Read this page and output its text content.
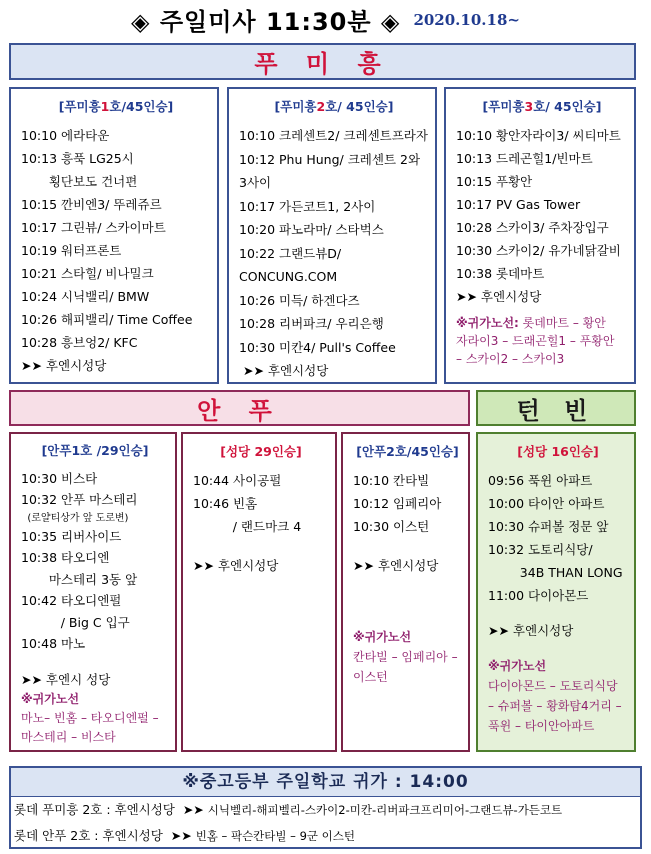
◈ 주일미사 11:30분 ◈ 2020.10.18~
푸 미 흥
[푸미흥1호/45인승]
10:10 에라타운
10:13 흥푹 LG25시
횡단보도 건너편
10:15 깐비엔3/ 뚜레쥬르
10:17 그린뷰/ 스카이마트
10:19 워터프론트
10:21 스타힐/ 비나밀크
10:24 시닉밸리/ BMW
10:26 해피밸리/ Time Coffee
10:28 흥브엉2/ KFC
➤➤ 후엔시성당
[푸미흥2호/ 45인승]
10:10 크레센트2/ 크레센트프라자
10:12 Phu Hung/ 크레센트 2와
3사이
10:17 가든코트1, 2사이
10:20 파노라마/ 스타벅스
10:22 그랜드뷰D/
CONCUNG.COM
10:26 미득/ 하겐다즈
10:28 리버파크/ 우리은행
10:30 미칸4/ Pull's Coffee
➤➤ 후엔시성당
[푸미흥3호/ 45인승]
10:10 황안자라이3/ 씨티마트
10:13 드레곤힐1/빈마트
10:15 푸황안
10:17 PV Gas Tower
10:28 스카이3/ 주차장입구
10:30 스카이2/ 유가네닭갈비
10:38 롯데마트
➤➤ 후엔시성당
※귀가노선: 롯데마트 – 황안
자라이3 – 드래곤힐1 – 푸황안
– 스카이2 – 스카이3
안 푸	턴 빈
[안푸1호 /29인승]
10:30 비스타
10:32 안푸 마스테리
(로얄티상가 앞 도로변)
10:35 리버사이드
10:38 타오디엔
마스테리 3동 앞
10:42 타오디엔펄
/ Big C 입구
10:48 마노
➤➤ 후엔시 성당
※귀가노선
마노– 빈홈 – 타오디엔펄 –
마스테리 – 비스타
[성당 29인승]
10:44 사이공펄
10:46 빈홈
/ 랜드마크 4
➤➤ 후엔시성당
[안푸2호/45인승]
10:10 칸타빌
10:12 임페리아
10:30 이스턴
➤➤ 후엔시성당
※귀가노선
칸타빌 – 임페리아 –
이스턴
[성당 16인승]
09:56 푹윈 아파트
10:00 타이안 아파트
10:30 슈퍼볼 정문 앞
10:32 도토리식당/
34B THAN LONG
11:00 다이아몬드
➤➤ 후엔시성당
※귀가노선
다이아몬드 – 도토리식당
– 슈퍼볼 – 황화탐4거리 –
푹윈 – 타이안아파트
※중고등부 주일학교 귀가 : 14:00
롯데 푸미흥 2호 : 후엔시성당  ➤➤ 시닉벨리-해피벨리-스카이2-미칸-리버파크프리미어-그랜드뷰-가든코트
롯데 안푸 2호 : 후엔시성당  ➤➤ 빈홈 – 팍슨칸타빌 – 9군 이스턴
